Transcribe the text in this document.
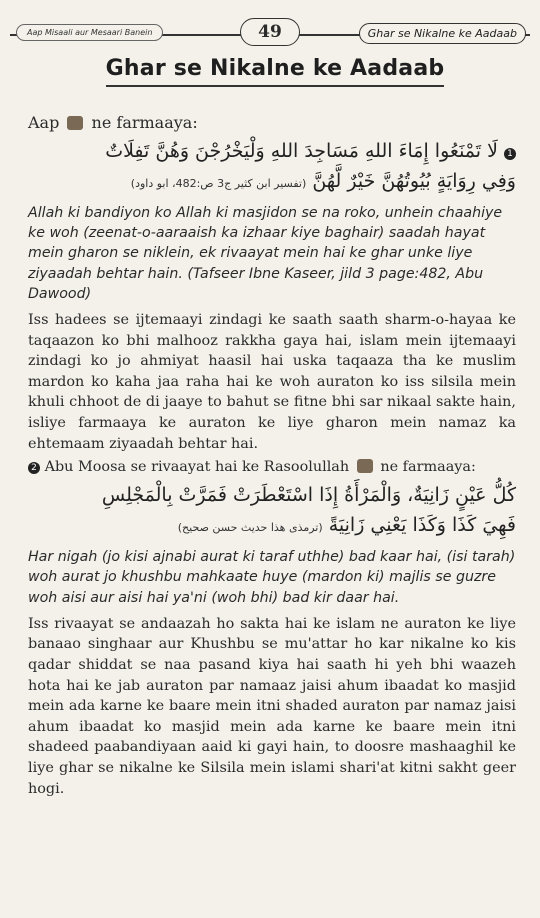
Aap Misaali aur Mesaari Banein	49	Ghar se Nikalne ke Aadaab
Ghar se Nikalne ke Aadaab

Aap ne farmaaya:

1 لَا تَمْنَعُوا إِمَاءَ اللهِ مَسَاجِدَ اللهِ وَلْيَخْرُجْنَ وَهُنَّ تَفِلَاتٌ
وَفِي رِوَايَةٍ بُيُوتُهُنَّ خَيْرٌ لَّهُنَّ (تفسیر ابن کثیر ج3 ص:482، ابو داود)

Allah ki bandiyon ko Allah ki masjidon se na roko, unhein chaahiye ke woh (zeenat-o-aaraaish ka izhaar kiye baghair) saadah hayat mein gharon se niklein, ek rivaayat mein hai ke ghar unke liye ziyaadah behtar hain. (Tafseer Ibne Kaseer, jild 3 page:482, Abu Dawood)

Iss hadees se ijtemaayi zindagi ke saath saath sharm-o-hayaa ke taqaazon ko bhi malhooz rakkha gaya hai, islam mein ijtemaayi zindagi ko jo ahmiyat haasil hai uska taqaaza tha ke muslim mardon ko kaha jaa raha hai ke woh auraton ko iss silsila mein khuli chhoot de di jaaye to bahut se fitne bhi sar nikaal sakte hain, isliye farmaaya ke auraton ke liye gharon mein namaz ka ehtemaam ziyaadah behtar hai.

2 Abu Moosa se rivaayat hai ke Rasoolullah ne farmaaya:

كُلُّ عَيْنٍ زَانِيَةٌ، وَالْمَرْأَةُ إِذَا اسْتَعْطَرَتْ فَمَرَّتْ بِالْمَجْلِسِ
فَهِيَ كَذَا وَكَذَا يَعْنِي زَانِيَةً (ترمذی هذا حدیث حسن صحیح)

Har nigah (jo kisi ajnabi aurat ki taraf uthhe) bad kaar hai, (isi tarah) woh aurat jo khushbu mahkaate huye (mardon ki) majlis se guzre woh aisi aur aisi hai ya'ni (woh bhi) bad kir daar hai.

Iss rivaayat se andaazah ho sakta hai ke islam ne auraton ke liye banaao singhaar aur Khushbu se mu'attar ho kar nikalne ko kis qadar shiddat se naa pasand kiya hai saath hi yeh bhi waazeh hota hai ke jab auraton par namaaz jaisi ahum ibaadat ko masjid mein ada karne ke baare mein itni shaded auraton par namaz jaisi ahum ibaadat ko masjid mein ada karne ke baare mein itni shadeed paabandiyaan aaid ki gayi hain, to doosre mashaaghil ke liye ghar se nikalne ke Silsila mein islami shari'at kitni sakht geer hogi.
